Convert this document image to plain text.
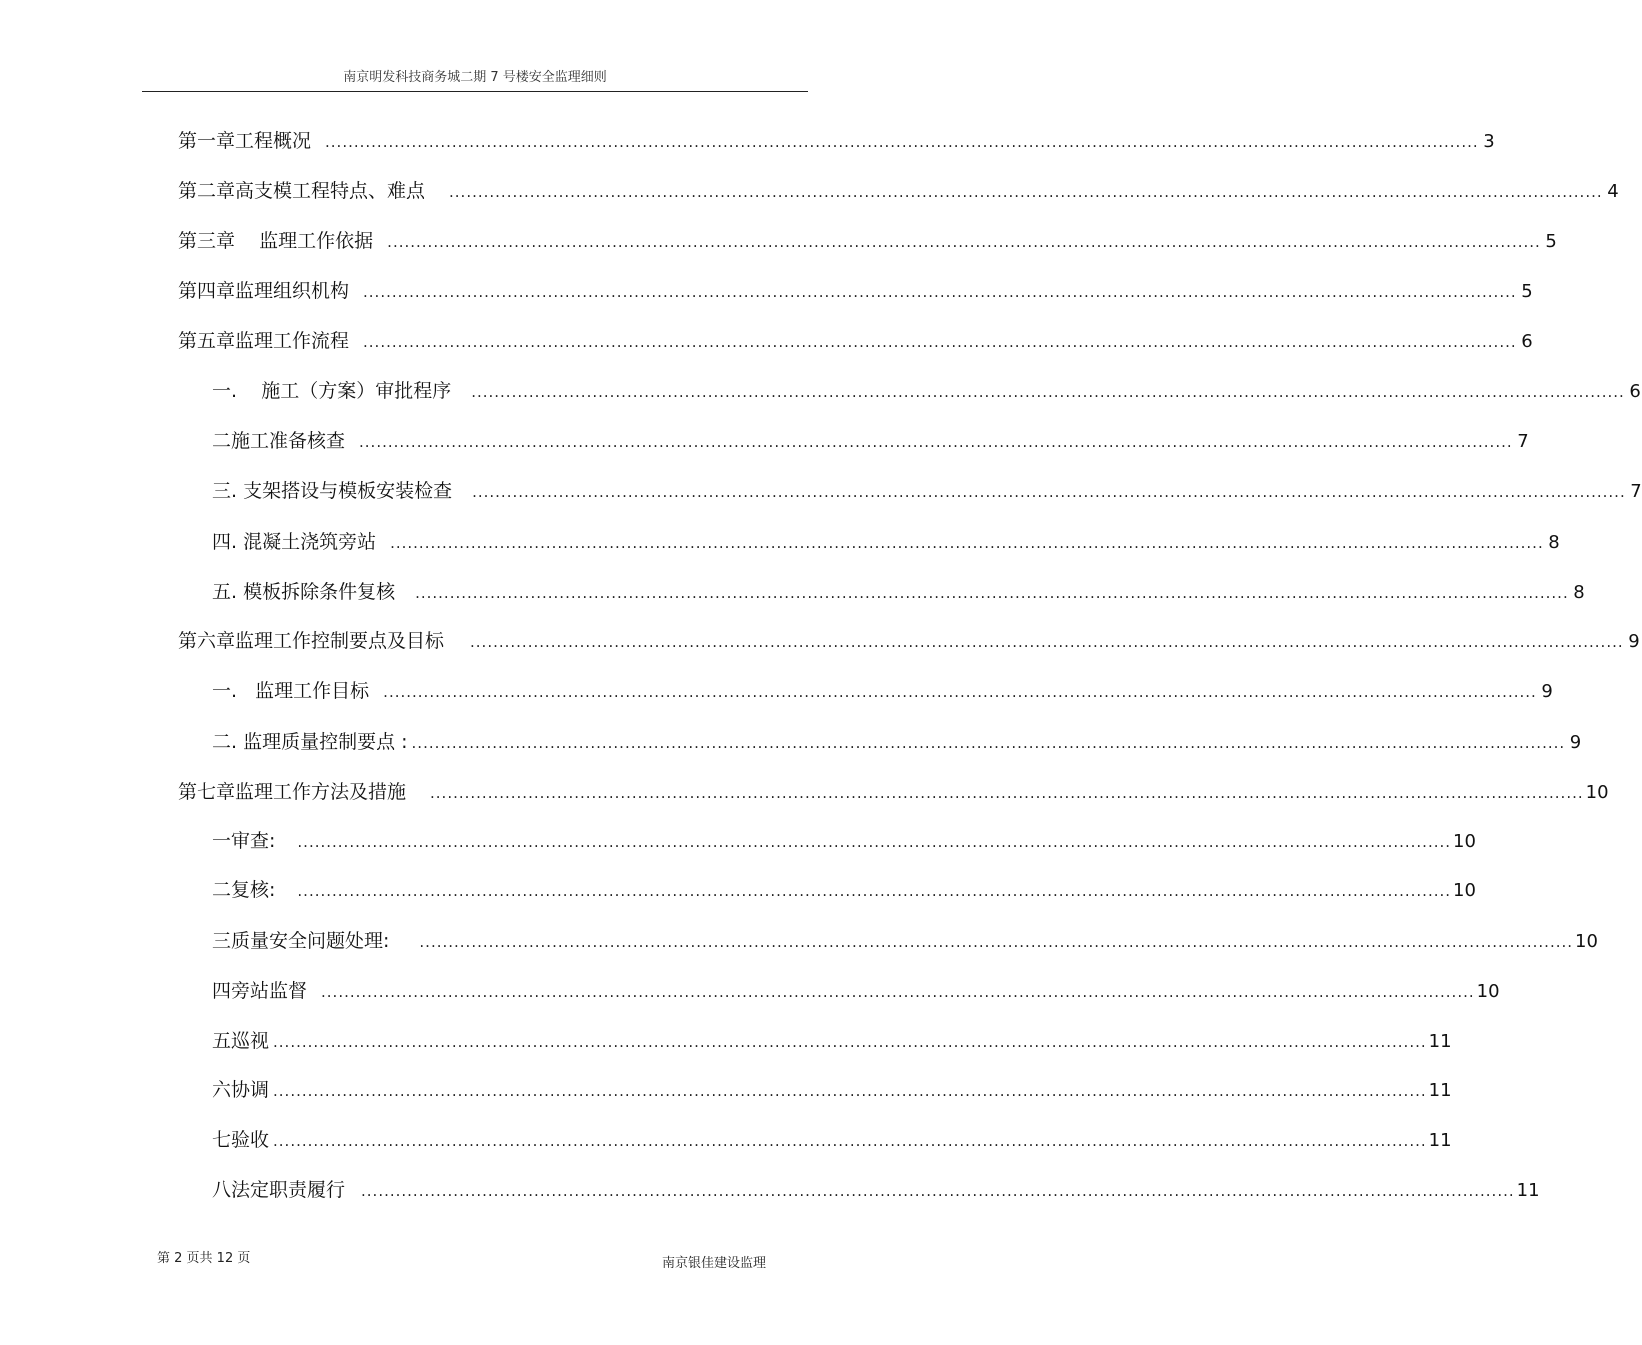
南京明发科技商务城二期 7 号楼安全监理细则
第一章工程概况 ........................................................................................................................................................................................................ 3
第二章高支模工程特点、难点 ........................................................................................................................................................................................................ 4
第三章    监理工作依据 ........................................................................................................................................................................................................ 5
第四章监理组织机构 ........................................................................................................................................................................................................ 5
第五章监理工作流程 ........................................................................................................................................................................................................ 6
一.    施工（方案）审批程序 ........................................................................................................................................................................................................ 6
二施工准备核查 ........................................................................................................................................................................................................ 7
三. 支架搭设与模板安装检查 ........................................................................................................................................................................................................ 7
四. 混凝土浇筑旁站 ........................................................................................................................................................................................................ 8
五. 模板拆除条件复核 ........................................................................................................................................................................................................ 8
第六章监理工作控制要点及目标 ........................................................................................................................................................................................................ 9
一.   监理工作目标 ........................................................................................................................................................................................................ 9
二. 监理质量控制要点 : ........................................................................................................................................................................................................ 9
第七章监理工作方法及措施 ........................................................................................................................................................................................................ 10
一审查: ........................................................................................................................................................................................................ 10
二复核: ........................................................................................................................................................................................................ 10
三质量安全问题处理: ........................................................................................................................................................................................................ 10
四旁站监督 ........................................................................................................................................................................................................ 10
五巡视 ........................................................................................................................................................................................................ 11
六协调 ........................................................................................................................................................................................................ 11
七验收 ........................................................................................................................................................................................................ 11
八法定职责履行 ........................................................................................................................................................................................................ 11
第 2 页共 12 页	南京银佳建设监理
